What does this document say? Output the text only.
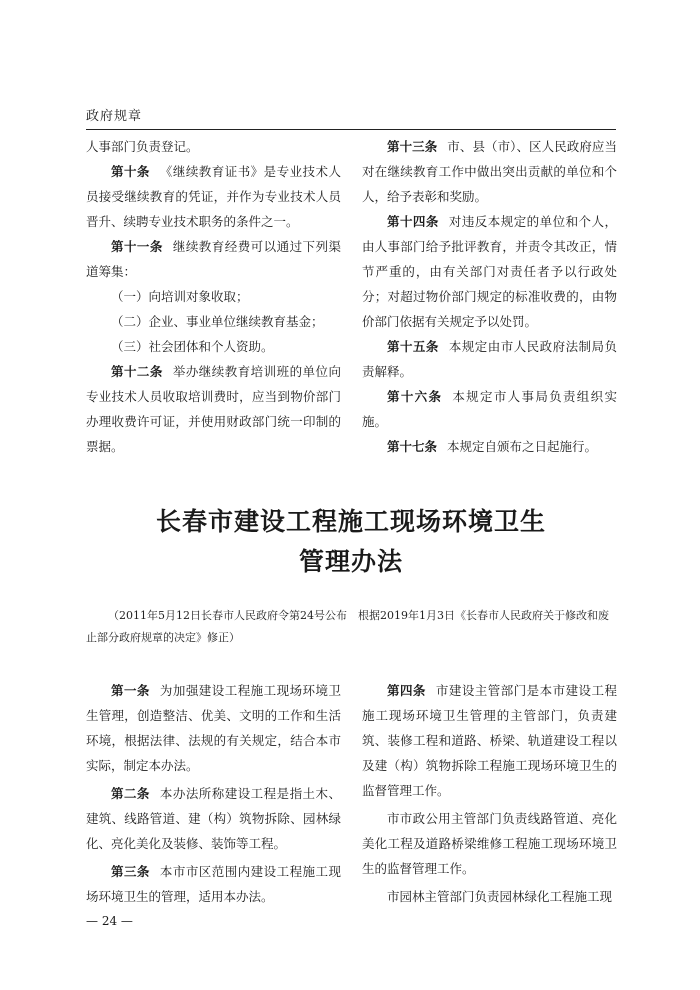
政府规章

人事部门负责登记。

第十条 《继续教育证书》是专业技术人员接受继续教育的凭证，并作为专业技术人员晋升、续聘专业技术职务的条件之一。

第十一条 继续教育经费可以通过下列渠道筹集：

（一）向培训对象收取；

（二）企业、事业单位继续教育基金；

（三）社会团体和个人资助。

第十二条 举办继续教育培训班的单位向专业技术人员收取培训费时，应当到物价部门办理收费许可证，并使用财政部门统一印制的票据。

第十三条 市、县（市）、区人民政府应当对在继续教育工作中做出突出贡献的单位和个人，给予表彰和奖励。

第十四条 对违反本规定的单位和个人，由人事部门给予批评教育，并责令其改正，情节严重的，由有关部门对责任者予以行政处分；对超过物价部门规定的标准收费的，由物价部门依据有关规定予以处罚。

第十五条 本规定由市人民政府法制局负责解释。

第十六条 本规定市人事局负责组织实施。

第十七条 本规定自颁布之日起施行。

长春市建设工程施工现场环境卫生
管理办法
（2011年5月12日长春市人民政府令第24号公布　根据2019年1月3日《长春市人民政府关于修改和废止部分政府规章的决定》修正）

第一条 为加强建设工程施工现场环境卫生管理，创造整洁、优美、文明的工作和生活环境，根据法律、法规的有关规定，结合本市实际，制定本办法。

第二条 本办法所称建设工程是指土木、建筑、线路管道、建（构）筑物拆除、园林绿化、亮化美化及装修、装饰等工程。

第三条 本市市区范围内建设工程施工现场环境卫生的管理，适用本办法。

第四条 市建设主管部门是本市建设工程施工现场环境卫生管理的主管部门，负责建筑、装修工程和道路、桥梁、轨道建设工程以及建（构）筑物拆除工程施工现场环境卫生的监督管理工作。

市市政公用主管部门负责线路管道、亮化美化工程及道路桥梁维修工程施工现场环境卫生的监督管理工作。

市园林主管部门负责园林绿化工程施工现

— 24 —
